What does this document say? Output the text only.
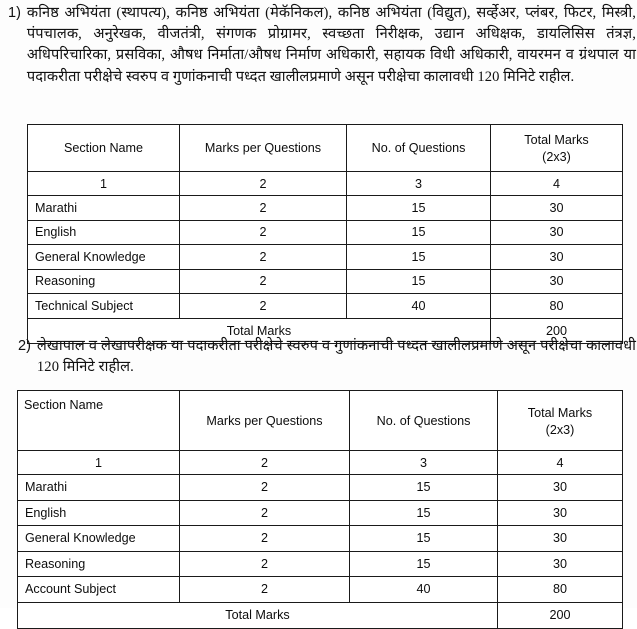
1) कनिष्ठ अभियंता (स्थापत्य), कनिष्ठ अभियंता (मेकॅनिकल), कनिष्ठ अभियंता (विद्युत), सर्व्हेअर, प्लंबर, फिटर, मिस्त्री, पंपचालक, अनुरेखक, वीजतंत्री, संगणक प्रोग्रामर, स्वच्छता निरीक्षक, उद्यान अधिक्षक, डायलिसिस तंत्रज्ञ, अधिपरिचारिका, प्रसविका, औषध निर्माता/औषध निर्माण अधिकारी, सहायक विधी अधिकारी, वायरमन व ग्रंथपाल या पदाकरीता परीक्षेचे स्वरुप व गुणांकनाची पध्दत खालीलप्रमाणे असून परीक्षेचा कालावधी 120 मिनिटे राहील.
Section Name	Marks per Questions	No. of Questions	Total Marks
(2x3)

1	2	3	4
Marathi	2	15	30
English	2	15	30
General Knowledge	2	15	30
Reasoning	2	15	30
Technical Subject	2	40	80
Total Marks			200
2) लेखापाल व लेखापरीक्षक या पदाकरीता परीक्षेचे स्वरुप व गुणांकनाची पध्दत खालीलप्रमाणे असून परीक्षेचा कालावधी 120 मिनिटे राहील.
Section Name	Marks per Questions	No. of Questions	Total Marks
(2x3)

1	2	3	4
Marathi	2	15	30
English	2	15	30
General Knowledge	2	15	30
Reasoning	2	15	30
Account Subject	2	40	80
Total Marks			200
